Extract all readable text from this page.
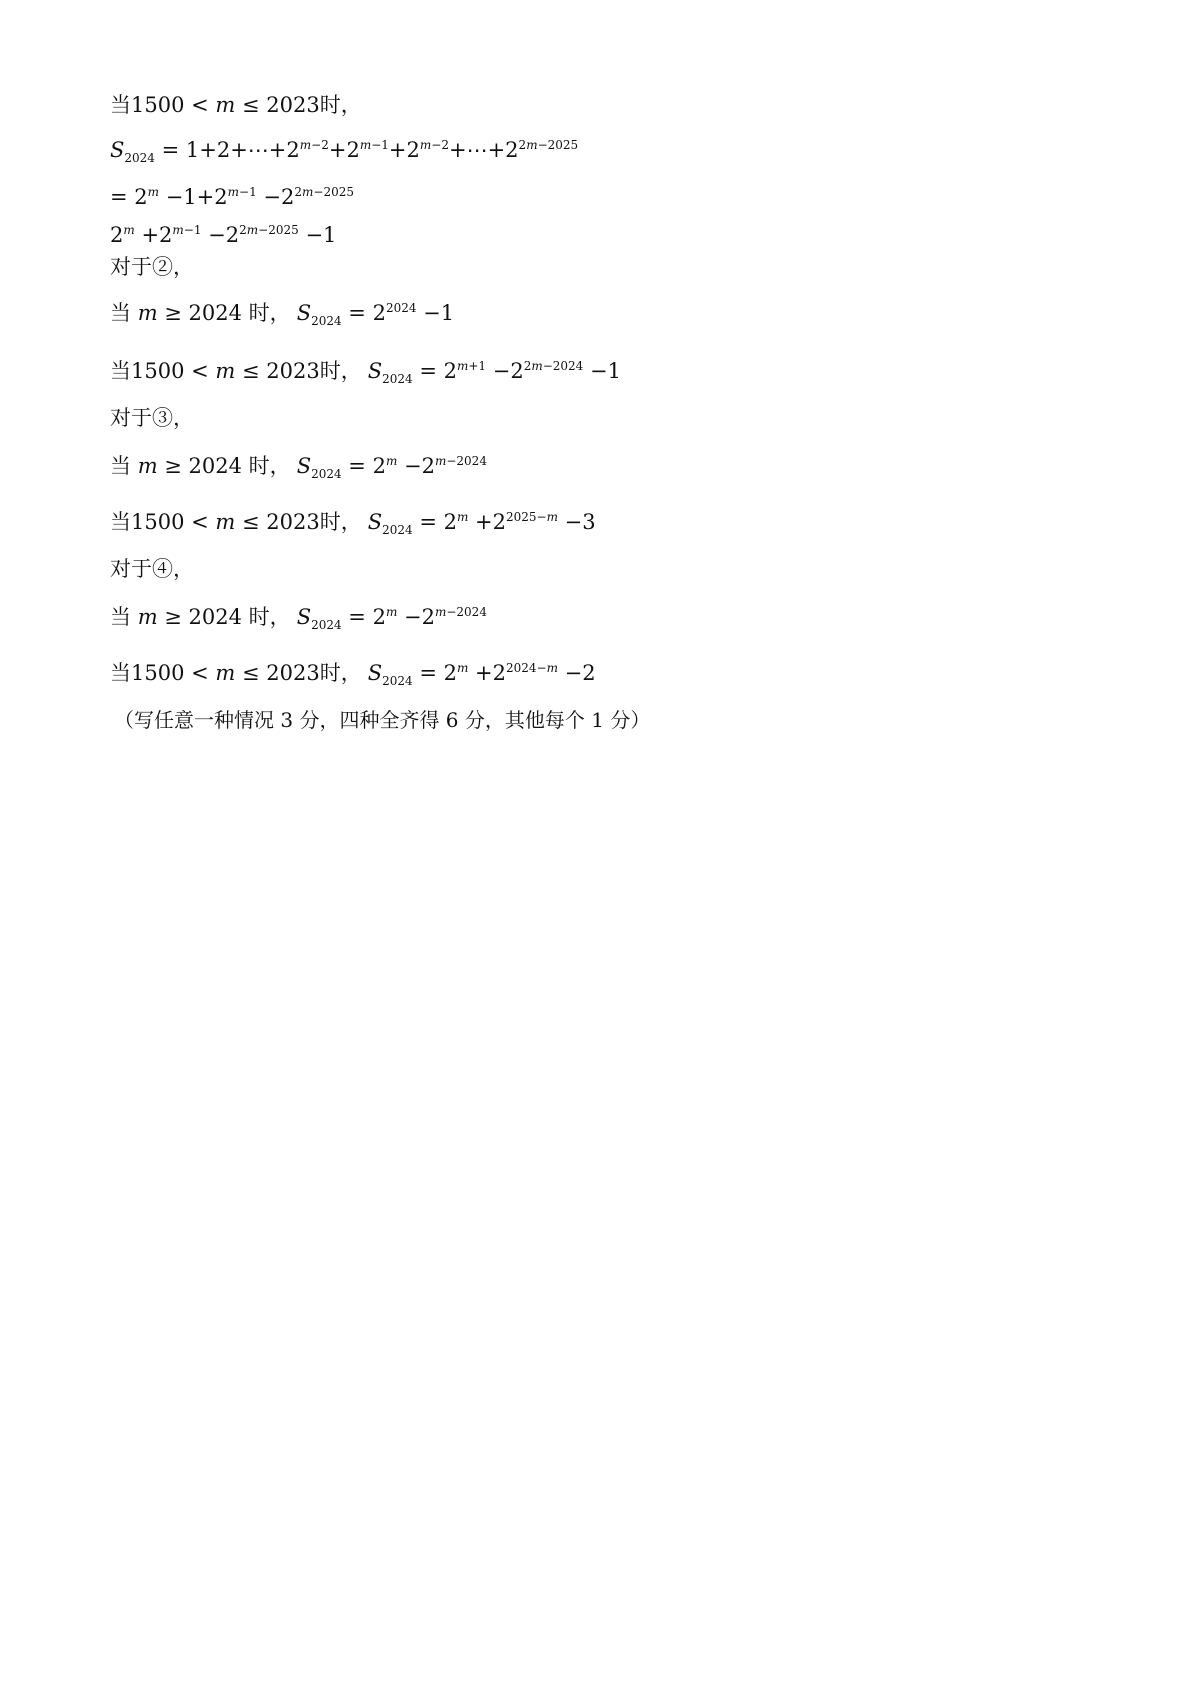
当1500 < m ≤ 2023时，
$S_{2024}$ = $1+2+\cdots+2^{m-2}+2^{m-1}+2^{m-2}+\cdots+2^{2m-2025}$
= $2^m -1+2^{m-1} -2^{2m-2025}$
$2^m +2^{m-1} -2^{2m-2025} -1$
对于②，
当 m ≥ 2024 时， $S_{2024} = 2^{2024} -1$
当1500 < m ≤ 2023时， $S_{2024} = 2^{m+1} -2^{2m-2024} -1$
对于③，
当 m ≥ 2024 时， $S_{2024} = 2^m -2^{m-2024}$
当1500 < m ≤ 2023时， $S_{2024} = 2^m +2^{2025-m} -3$
对于④，
当 m ≥ 2024 时， $S_{2024} = 2^m -2^{m-2024}$
当1500 < m ≤ 2023时， $S_{2024} = 2^m +2^{2024-m} -2$
（写任意一种情况 3 分，四种全齐得 6 分，其他每个 1 分）
